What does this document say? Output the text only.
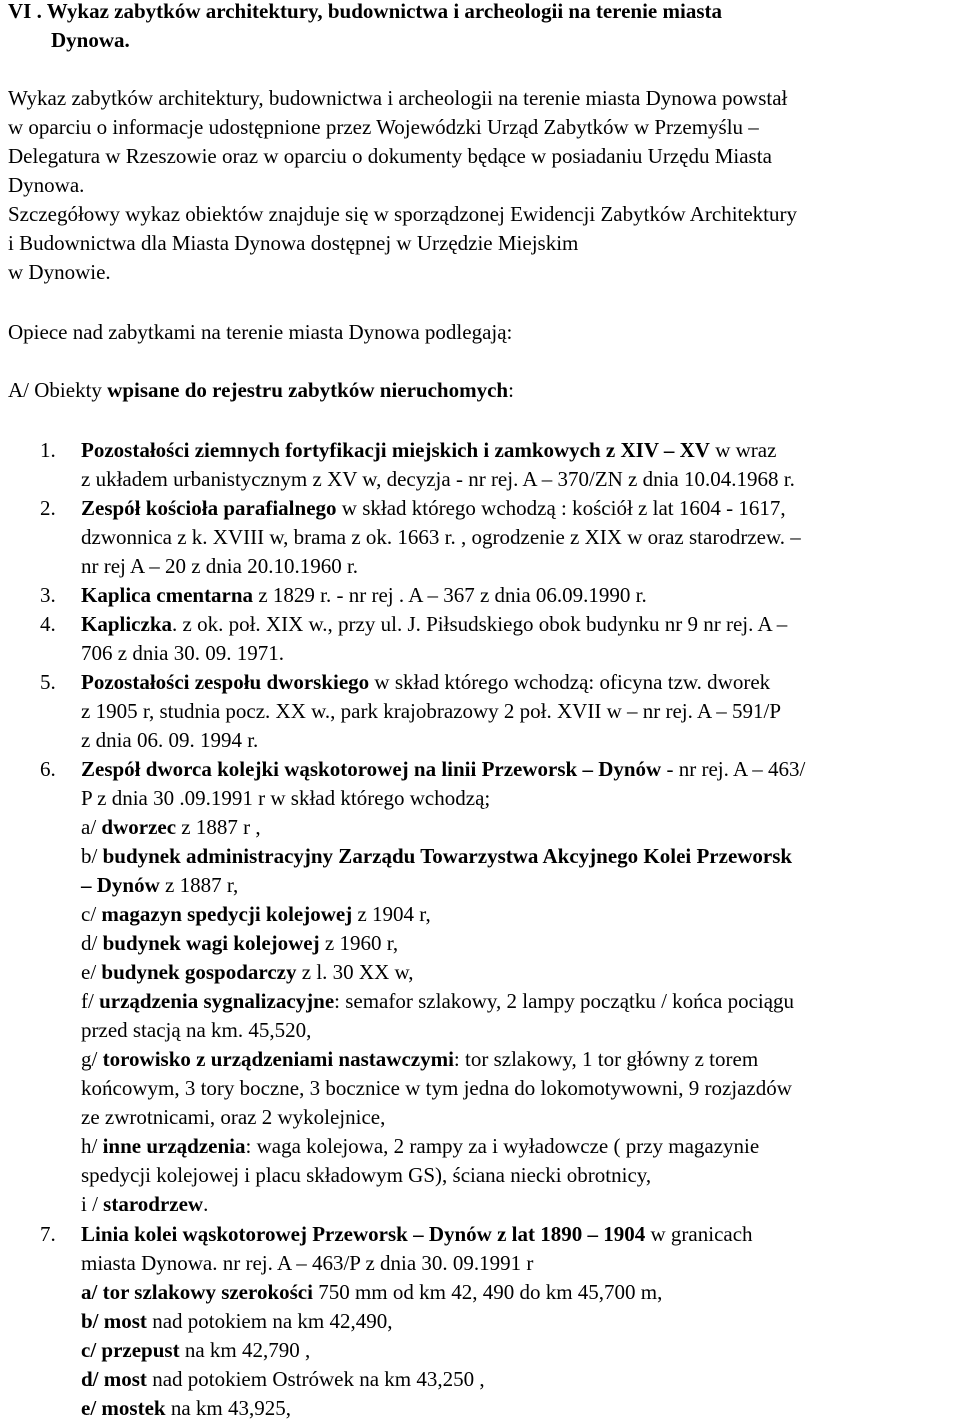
VI . Wykaz zabytków architektury, budownictwa i archeologii na terenie miasta
Dynowa.
Wykaz zabytków architektury, budownictwa i archeologii na terenie miasta Dynowa powstał
w oparciu o informacje udostępnione przez Wojewódzki Urząd Zabytków w Przemyślu –
Delegatura w Rzeszowie oraz w oparciu o dokumenty będące w posiadaniu Urzędu Miasta
Dynowa.
Szczegółowy wykaz obiektów znajduje się w sporządzonej Ewidencji Zabytków Architektury
i Budownictwa dla Miasta Dynowa dostępnej w Urzędzie Miejskim
w Dynowie.
Opiece nad zabytkami na terenie miasta Dynowa podlegają:
A/ Obiekty wpisane do rejestru zabytków nieruchomych:
1. Pozostałości ziemnych fortyfikacji miejskich i zamkowych z XIV – XV w wraz
z układem urbanistycznym z XV w, decyzja - nr rej. A – 370/ZN z dnia 10.04.1968 r.
2. Zespół kościoła parafialnego w skład którego wchodzą : kościół z lat 1604 - 1617,
dzwonnica z k. XVIII w, brama z ok. 1663 r. , ogrodzenie z XIX w oraz starodrzew. –
nr rej A – 20 z dnia 20.10.1960 r.
3. Kaplica cmentarna z 1829 r. - nr rej . A – 367 z dnia 06.09.1990 r.
4. Kapliczka. z ok. poł. XIX w., przy ul. J. Piłsudskiego obok budynku nr 9 nr rej. A –
706 z dnia 30. 09. 1971.
5. Pozostałości zespołu dworskiego w skład którego wchodzą: oficyna tzw. dworek
z 1905 r, studnia pocz. XX w., park krajobrazowy 2 poł. XVII w – nr rej. A – 591/P
z dnia 06. 09. 1994 r.
6. Zespół dworca kolejki wąskotorowej na linii Przeworsk – Dynów - nr rej. A – 463/
P z dnia 30 .09.1991 r w skład którego wchodzą;
a/ dworzec z 1887 r ,
b/ budynek administracyjny Zarządu Towarzystwa Akcyjnego Kolei Przeworsk
– Dynów z 1887 r,
c/ magazyn spedycji kolejowej z 1904 r,
d/ budynek wagi kolejowej z 1960 r,
e/ budynek gospodarczy z l. 30 XX w,
f/ urządzenia sygnalizacyjne: semafor szlakowy, 2 lampy początku / końca pociągu
przed stacją na km. 45,520,
g/ torowisko z urządzeniami nastawczymi: tor szlakowy, 1 tor główny z torem
końcowym, 3 tory boczne, 3 bocznice w tym jedna do lokomotywowni, 9 rozjazdów
ze zwrotnicami, oraz 2 wykolejnice,
h/ inne urządzenia: waga kolejowa, 2 rampy za i wyładowcze ( przy magazynie
spedycji kolejowej i placu składowym GS), ściana niecki obrotnicy,
i / starodrzew.
7. Linia kolei wąskotorowej Przeworsk – Dynów z lat 1890 – 1904 w granicach
miasta Dynowa. nr rej. A – 463/P z dnia 30. 09.1991 r
a/ tor szlakowy szerokości 750 mm od km 42, 490 do km 45,700 m,
b/ most nad potokiem na km 42,490,
c/ przepust na km 42,790 ,
d/ most nad potokiem Ostrówek na km 43,250 ,
e/ mostek na km 43,925,
